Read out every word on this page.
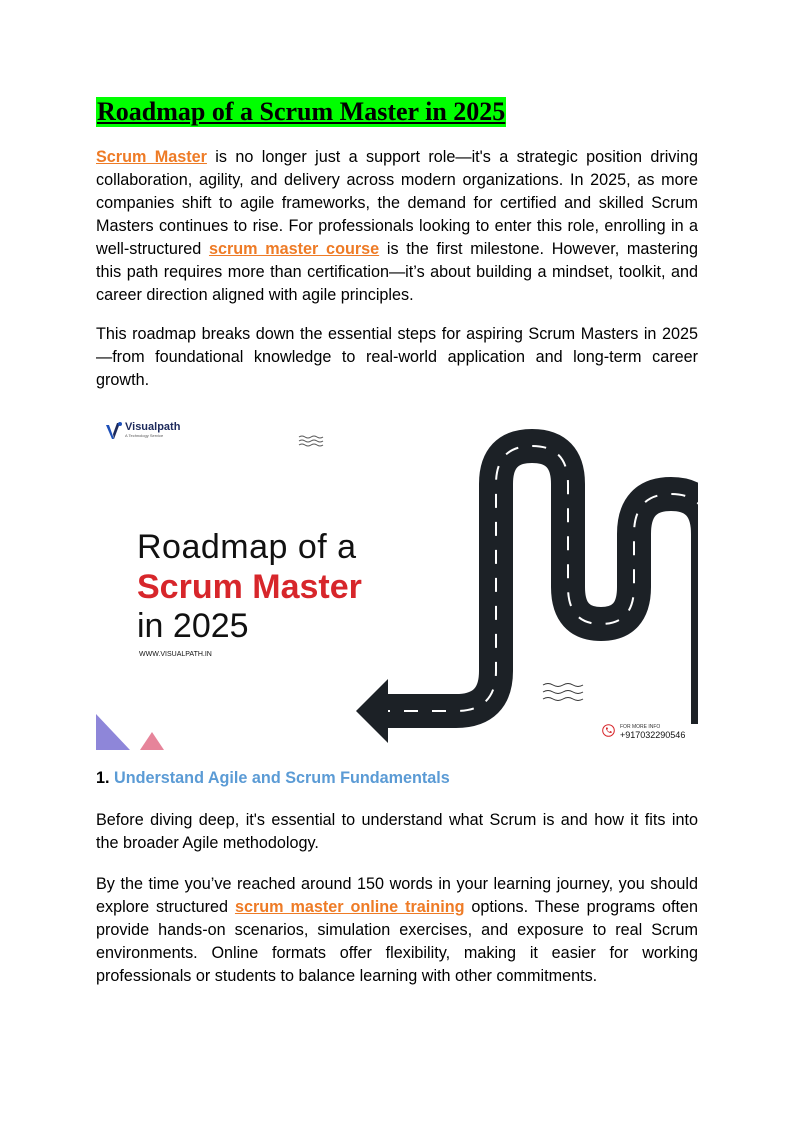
Roadmap of a Scrum Master in 2025

Scrum Master is no longer just a support role—it's a strategic position driving collaboration, agility, and delivery across modern organizations. In 2025, as more companies shift to agile frameworks, the demand for certified and skilled Scrum Masters continues to rise. For professionals looking to enter this role, enrolling in a well-structured scrum master course is the first milestone. However, mastering this path requires more than certification—it’s about building a mindset, toolkit, and career direction aligned with agile principles.

This roadmap breaks down the essential steps for aspiring Scrum Masters in 2025—from foundational knowledge to real-world application and long-term career growth.

Visualpath
A Technology Service
Roadmap of a
Scrum Master
in 2025
WWW.VISUALPATH.IN
FOR MORE INFO
+917032290546
1. Understand Agile and Scrum Fundamentals

Before diving deep, it's essential to understand what Scrum is and how it fits into the broader Agile methodology.

By the time you’ve reached around 150 words in your learning journey, you should explore structured scrum master online training options. These programs often provide hands-on scenarios, simulation exercises, and exposure to real Scrum environments. Online formats offer flexibility, making it easier for working professionals or students to balance learning with other commitments.
